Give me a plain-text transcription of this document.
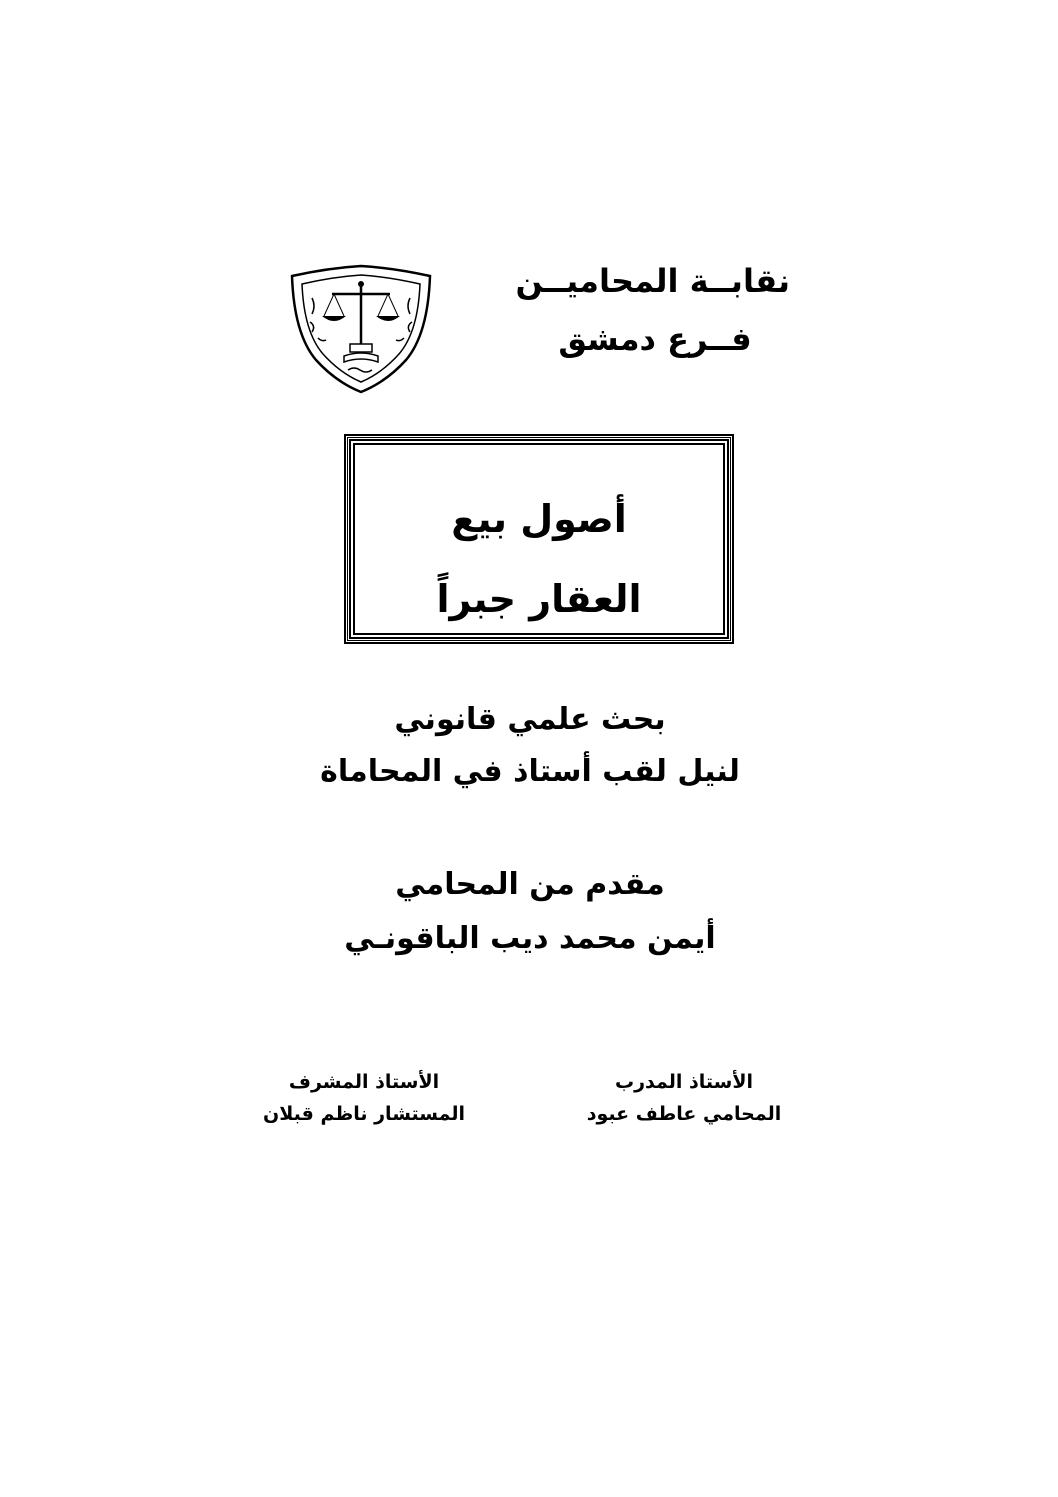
نقابــة المحاميــن
فــرع دمشق
أصول بيع
العقار جبراً
بحث علمي قانوني
لنيل لقب أستاذ في المحاماة
مقدم من المحامي
أيمن محمد ديب الباقونـي
الأستاذ المدرب
المحامي عاطف عبود
الأستاذ المشرف
المستشار ناظم قبلان
